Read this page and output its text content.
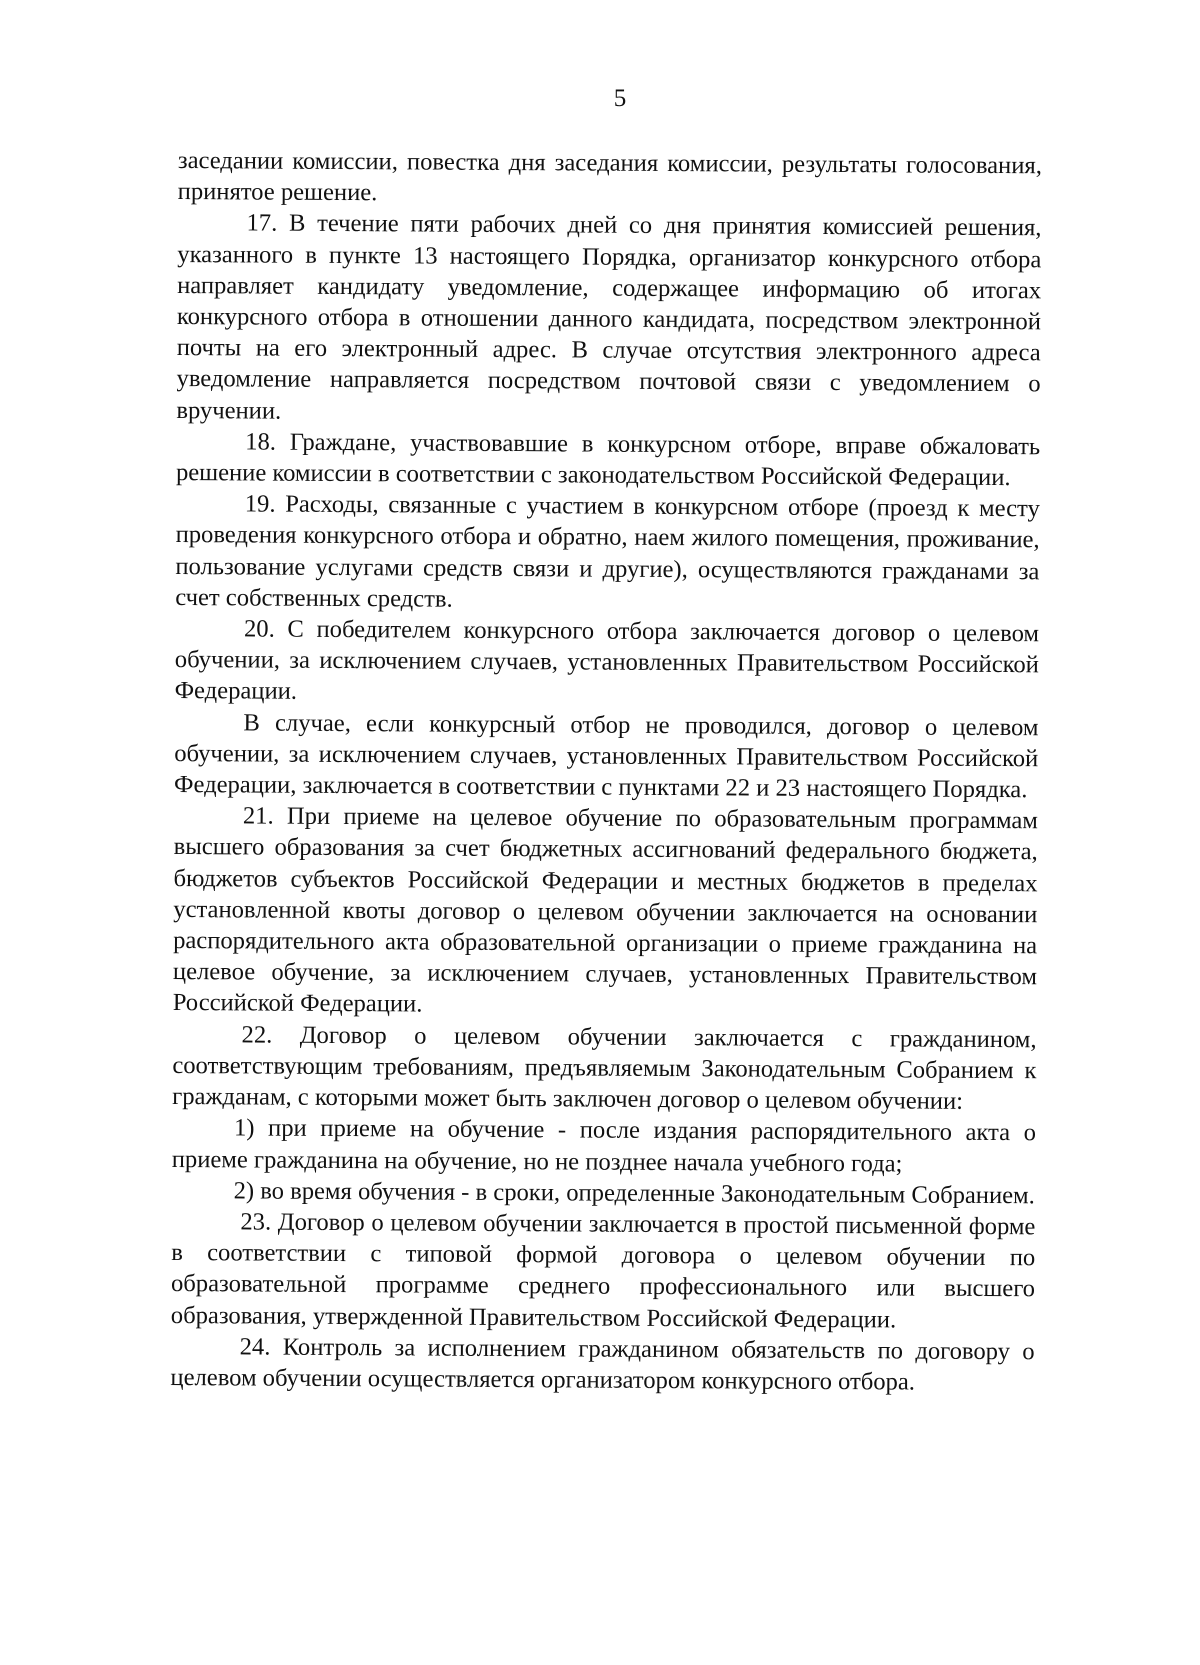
5

заседании комиссии, повестка дня заседания комиссии, результаты голосования, принятое решение.

17. В течение пяти рабочих дней со дня принятия комиссией решения, указанного в пункте 13 настоящего Порядка, организатор конкурсного отбора направляет кандидату уведомление, содержащее информацию об итогах конкурсного отбора в отношении данного кандидата, посредством электронной почты на его электронный адрес. В случае отсутствия электронного адреса уведомление направляется посредством почтовой связи с уведомлением о вручении.

18. Граждане, участвовавшие в конкурсном отборе, вправе обжаловать решение комиссии в соответствии с законодательством Российской Федерации.

19. Расходы, связанные с участием в конкурсном отборе (проезд к месту проведения конкурсного отбора и обратно, наем жилого помещения, проживание, пользование услугами средств связи и другие), осуществляются гражданами за счет собственных средств.

20. С победителем конкурсного отбора заключается договор о целевом обучении, за исключением случаев, установленных Правительством Российской Федерации.

В случае, если конкурсный отбор не проводился, договор о целевом обучении, за исключением случаев, установленных Правительством Российской Федерации, заключается в соответствии с пунктами 22 и 23 настоящего Порядка.

21. При приеме на целевое обучение по образовательным программам высшего образования за счет бюджетных ассигнований федерального бюджета, бюджетов субъектов Российской Федерации и местных бюджетов в пределах установленной квоты договор о целевом обучении заключается на основании распорядительного акта образовательной организации о приеме гражданина на целевое обучение, за исключением случаев, установленных Правительством Российской Федерации.

22. Договор о целевом обучении заключается с гражданином, соответствующим требованиям, предъявляемым Законодательным Собранием к гражданам, с которыми может быть заключен договор о целевом обучении:

1) при приеме на обучение - после издания распорядительного акта о приеме гражданина на обучение, но не позднее начала учебного года;

2) во время обучения - в сроки, определенные Законодательным Собранием.

23. Договор о целевом обучении заключается в простой письменной форме в соответствии с типовой формой договора о целевом обучении по образовательной программе среднего профессионального или высшего образования, утвержденной Правительством Российской Федерации.

24. Контроль за исполнением гражданином обязательств по договору о целевом обучении осуществляется организатором конкурсного отбора.
